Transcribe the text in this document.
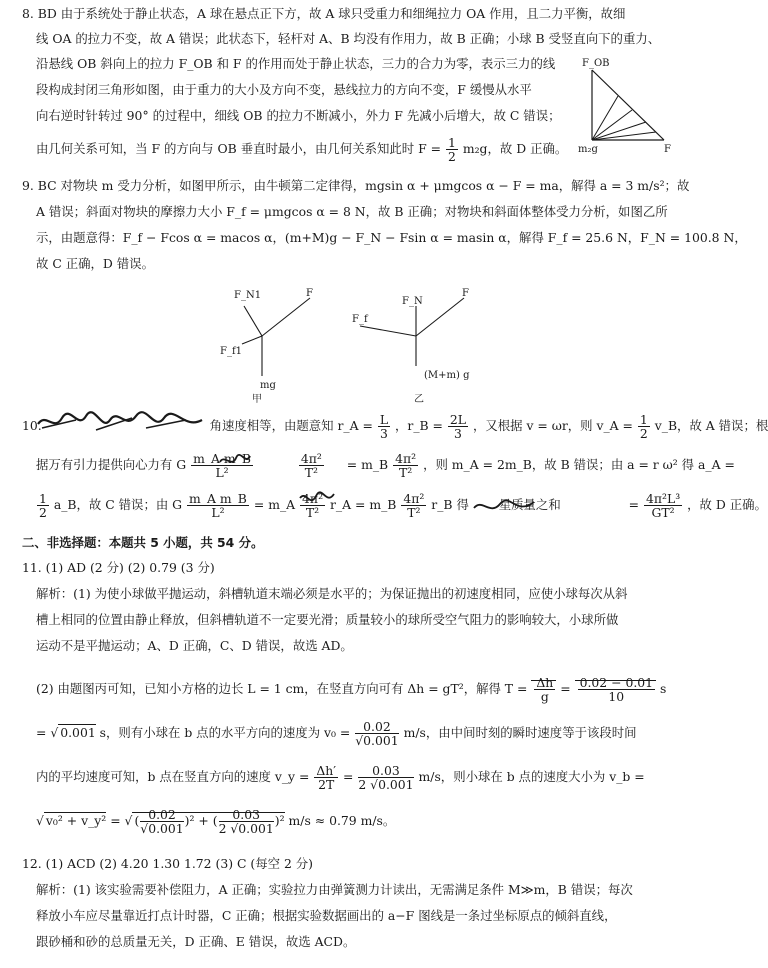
8. BD 由于系统处于静止状态，A 球在悬点正下方，故 A 球只受重力和细绳拉力 OA 作用，且二力平衡，故细
线 OA 的拉力不变，故 A 错误；此状态下，轻杆对 A、B 均没有作用力，故 B 正确；小球 B 受竖直向下的重力、
沿悬线 OB 斜向上的拉力 F_OB 和 F 的作用而处于静止状态，三力的合力为零，表示三力的线
段构成封闭三角形如图，由于重力的大小及方向不变，悬线拉力的方向不变，F 缓慢从水平
向右逆时针转过 90° 的过程中，细线 OB 的拉力不断减小，外力 F 先减小后增大，故 C 错误；
由几何关系可知，当 F 的方向与 OB 垂直时最小，由几何关系知此时 $F = \frac{1}{2} m_2g$，故 D 正确。
F_OB
m₂g	F
9. BC 对物块 m 受力分析，如图甲所示，由牛顿第二定律得，mgsin α + μmgcos α − F = ma，解得 a = 3 m/s²；故
A 错误；斜面对物块的摩擦力大小 F_f = μmgcos α = 8 N，故 B 正确；对物块和斜面体整体受力分析，如图乙所
示，由题意得：F_f − Fcos α = macos α，(m+M)g − F_N − Fsin α = masin α，解得 F_f = 25.6 N，F_N = 100.8 N，
故 C 正确，D 错误。
F_N1	F
F_f1
mg
甲
F_N
F
F_f
(M+m) g
乙
10.	角速度相等，由题意知 r_A = $\frac{L}{3}$ ，r_B = $\frac{2L}{3}$ ，又根据 v = ωr，则 v_A = $\frac{1}{2}$ v_B，故 A 错误；根
据万有引力提供向心力有 G $\frac{\text{m\_A m\_B}}{\text{L²}}$
	$\frac{\text{4π²}}{\text{T²}}$ = m_B $\frac{\text{4π²}}{\text{T²}}$ ，则 m_A = 2m_B，故 B 错误；由 a = r ω² 得 a_A =
$\frac{1}{2}$ a_B，故 C 错误；由 G $\frac{\text{m\_A m\_B}}{\text{L²}}$ = m_A $\frac{\text{4π²}}{\text{T²}}$ r_A = m_B $\frac{\text{4π²}}{\text{T²}}$ r_B 得 星质量之和	= $\frac{\text{4π²L³}}{\text{GT²}}$ ，故 D 正确。
二、非选择题：本题共 5 小题，共 54 分。
11. (1) AD (2 分) (2) 0.79 (3 分)
解析：(1) 为使小球做平抛运动，斜槽轨道末端必须是水平的；为保证抛出的初速度相同，应使小球每次从斜
槽上相同的位置由静止释放，但斜槽轨道不一定要光滑；质量较小的球所受空气阻力的影响较大，小球所做
运动不是平抛运动；A、D 正确，C、D 错误，故选 AD。
(2) 由题图丙可知，已知小方格的边长 L = 1 cm，在竖直方向可有 Δh = gT²，解得 $T = \frac{\Delta h}{g} = \frac{0.02 - 0.01}{10}$ s
= √ 0.001 s，则有小球在 b 点的水平方向的速度为 $v_0 = \frac{0.02}{√0.001} m/s$，由中间时刻的瞬时速度等于该段时间
内的平均速度可知，b 点在竖直方向的速度 v_y = $\frac{\Delta h'}{2T} = \frac{0.03}{2 √0.001} m/s$，则小球在 b 点的速度大小为 v_b =
√ v₀² + v_y² = √ ( $\frac{0.02}{√0.001} )^2$ + ( $\frac{0.03}{2 √0.001} )^2$ m/s ≈ 0.79 m/s。
12. (1) ACD (2) 4.20 1.30 1.72 (3) C (每空 2 分)
解析：(1) 该实验需要补偿阻力，A 正确；实验拉力由弹簧测力计读出，无需满足条件 M≫m，B 错误；每次
释放小车应尽量靠近打点计时器，C 正确；根据实验数据画出的 a−F 图线是一条过坐标原点的倾斜直线，
跟砂桶和砂的总质量无关，D 正确、E 错误，故选 ACD。
